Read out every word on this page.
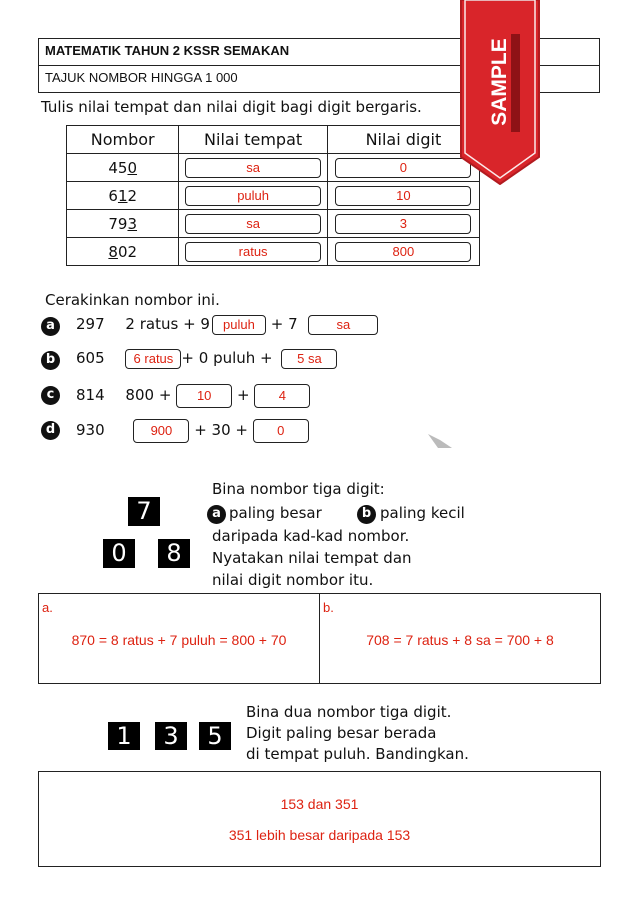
MATEMATIK TAHUN 2 KSSR SEMAKAN
TAJUK NOMBOR HINGGA 1 000
Tulis nilai tempat dan nilai digit bagi digit bergaris.
Nombor	Nilai tempat	Nilai digit
450	sa	0
612	puluh	10
793	sa	3
802	ratus	800
SAMPLE
Cerakinkan nombor ini.
a	297 2 ratus + 9 puluh + 7	sa
b	605 6 ratus + 0 puluh + 5 sa
c	814 800 + 10 + 4
d	930	900 + 30 + 0
7
0	8
Bina nombor tiga digit:
a paling besar	b paling kecil
daripada kad-kad nombor.
Nyatakan nilai tempat dan
nilai digit nombor itu.
a.
870 = 8 ratus + 7 puluh = 800 + 70
b.
708 = 7 ratus + 8 sa = 700 + 8
1	3	5
Bina dua nombor tiga digit.
Digit paling besar berada
di tempat puluh. Bandingkan.
153 dan 351
351 lebih besar daripada 153
